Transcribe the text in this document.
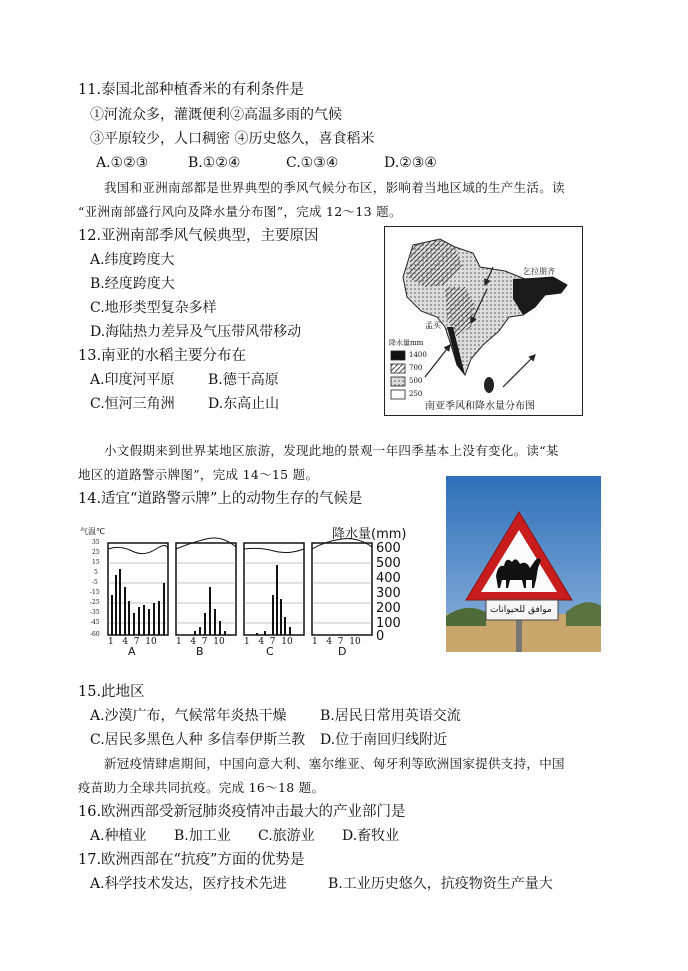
11.泰国北部种植香米的有利条件是
①河流众多，灌溉便利②高温多雨的气候
③平原较少，人口稠密 ④历史悠久，喜食稻米
A.①②③	B.①②④	C.①③④	D.②③④
我国和亚洲南部都是世界典型的季风气候分布区，影响着当地区域的生产生活。读
“亚洲南部盛行风向及降水量分布图”，完成 12～13 题。
12.亚洲南部季风气候典型，主要原因
A.纬度跨度大
B.经度跨度大
C.地形类型复杂多样
D.海陆热力差异及气压带风带移动
13.南亚的水稻主要分布在
A.印度河平原 B.德干高原
C.恒河三角洲 D.东高止山
乞拉朋齐
孟买
降水量mm
1400
700
500
250
南亚季风和降水量分布图
小文假期来到世界某地区旅游，发现此地的景观一年四季基本上没有变化。读“某
地区的道路警示牌图”，完成 14～15 题。
14.适宜“道路警示牌”上的动物生存的气候是
气温℃
35
25
15
5
-5
-15
-25
-35
-45
-60
降水量(mm)
600
500
400
300
200
100
0
1 4 7 10 1 4 7 10 1 4 7 10 1 4 7 10
A	B	C	D
موافق للحيوانات
15.此地区
A.沙漠广布，气候常年炎热干燥 B.居民日常用英语交流
C.居民多黑色人种 多信奉伊斯兰教 D.位于南回归线附近
新冠疫情肆虐期间，中国向意大利、塞尔维亚、匈牙利等欧洲国家提供支持，中国
疫苗助力全球共同抗疫。完成 16～18 题。
16.欧洲西部受新冠肺炎疫情冲击最大的产业部门是
A.种植业 B.加工业 C.旅游业 D.畜牧业
17.欧洲西部在“抗疫”方面的优势是
A.科学技术发达，医疗技术先进	B.工业历史悠久，抗疫物资生产量大
